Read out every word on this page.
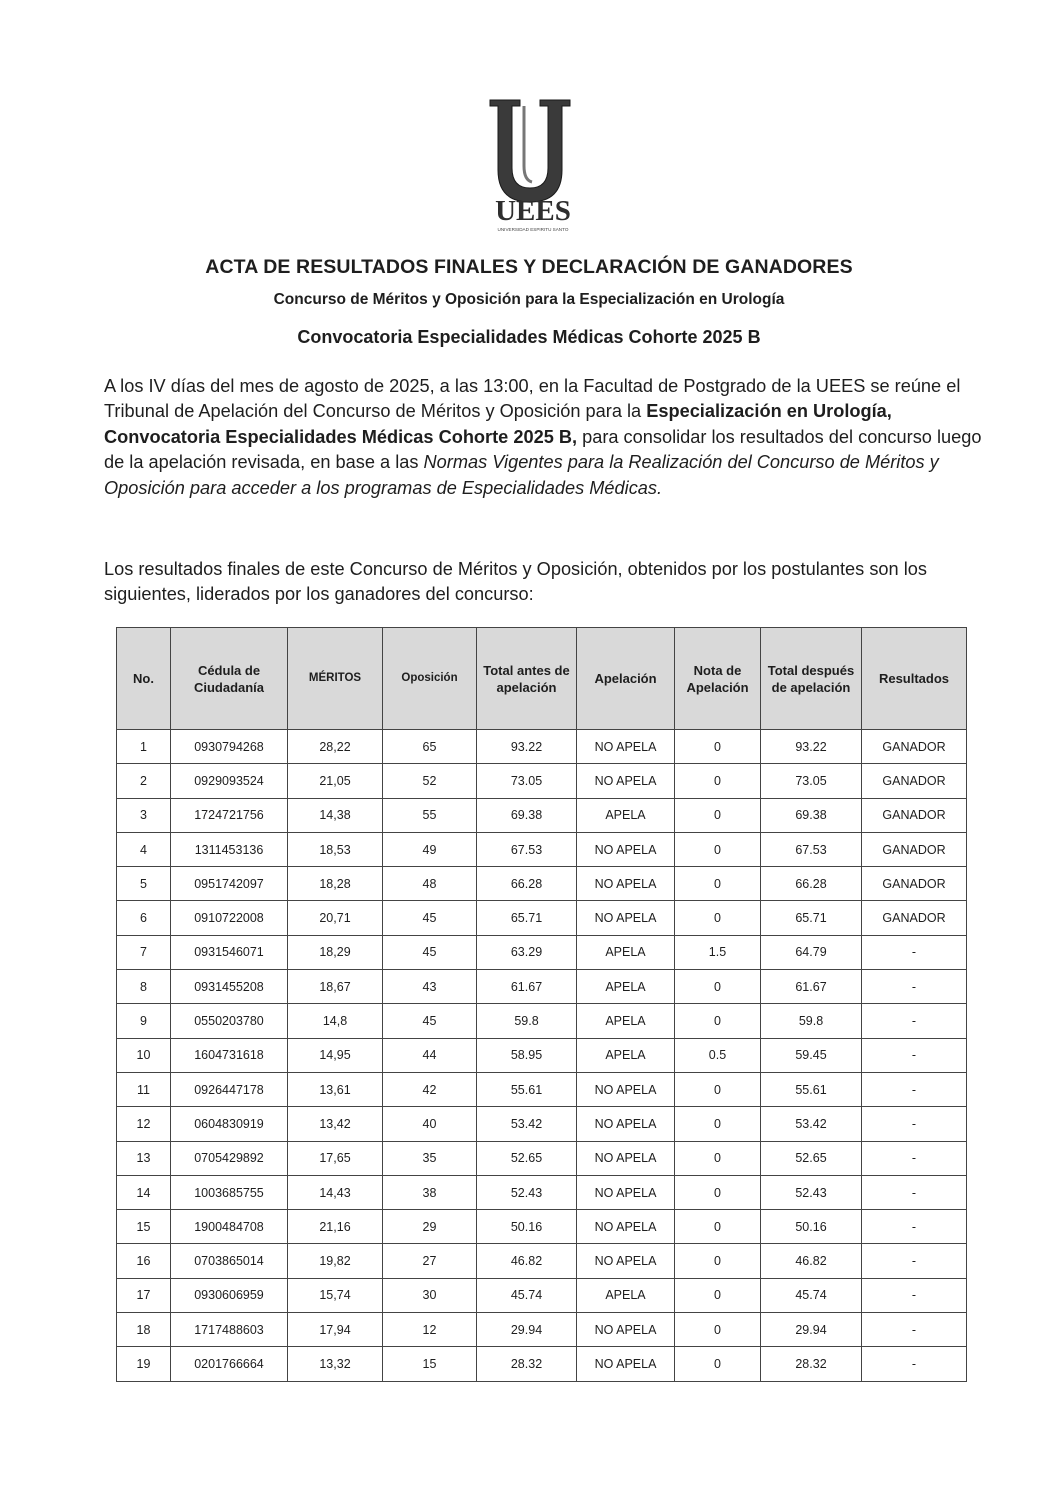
UEES
UNIVERSIDAD ESPIRITU SANTO
ACTA DE RESULTADOS FINALES Y DECLARACIÓN DE GANADORES
Concurso de Méritos y Oposición para la Especialización en Urología
Convocatoria Especialidades Médicas Cohorte 2025 B

A los IV días del mes de agosto de 2025, a las 13:00, en la Facultad de Postgrado de la UEES se reúne el Tribunal de Apelación del Concurso de Méritos y Oposición para la Especialización en Urología, Convocatoria Especialidades Médicas Cohorte 2025 B, para consolidar los resultados del concurso luego de la apelación revisada, en base a las Normas Vigentes para la Realización del Concurso de Méritos y Oposición para acceder a los programas de Especialidades Médicas.

Los resultados finales de este Concurso de Méritos y Oposición, obtenidos por los postulantes son los siguientes, liderados por los ganadores del concurso:

No.	Cédula de Ciudadanía	MÉRITOS	Oposición	Total antes de apelación	Apelación	Nota de Apelación	Total después de apelación	Resultados
1	0930794268	28,22	65	93.22	NO APELA	0	93.22	GANADOR
2	0929093524	21,05	52	73.05	NO APELA	0	73.05	GANADOR
3	1724721756	14,38	55	69.38	APELA	0	69.38	GANADOR
4	1311453136	18,53	49	67.53	NO APELA	0	67.53	GANADOR
5	0951742097	18,28	48	66.28	NO APELA	0	66.28	GANADOR
6	0910722008	20,71	45	65.71	NO APELA	0	65.71	GANADOR
7	0931546071	18,29	45	63.29	APELA	1.5	64.79	-
8	0931455208	18,67	43	61.67	APELA	0	61.67	-
9	0550203780	14,8	45	59.8	APELA	0	59.8	-
10	1604731618	14,95	44	58.95	APELA	0.5	59.45	-
11	0926447178	13,61	42	55.61	NO APELA	0	55.61	-
12	0604830919	13,42	40	53.42	NO APELA	0	53.42	-
13	0705429892	17,65	35	52.65	NO APELA	0	52.65	-
14	1003685755	14,43	38	52.43	NO APELA	0	52.43	-
15	1900484708	21,16	29	50.16	NO APELA	0	50.16	-
16	0703865014	19,82	27	46.82	NO APELA	0	46.82	-
17	0930606959	15,74	30	45.74	APELA	0	45.74	-
18	1717488603	17,94	12	29.94	NO APELA	0	29.94	-
19	0201766664	13,32	15	28.32	NO APELA	0	28.32	-
